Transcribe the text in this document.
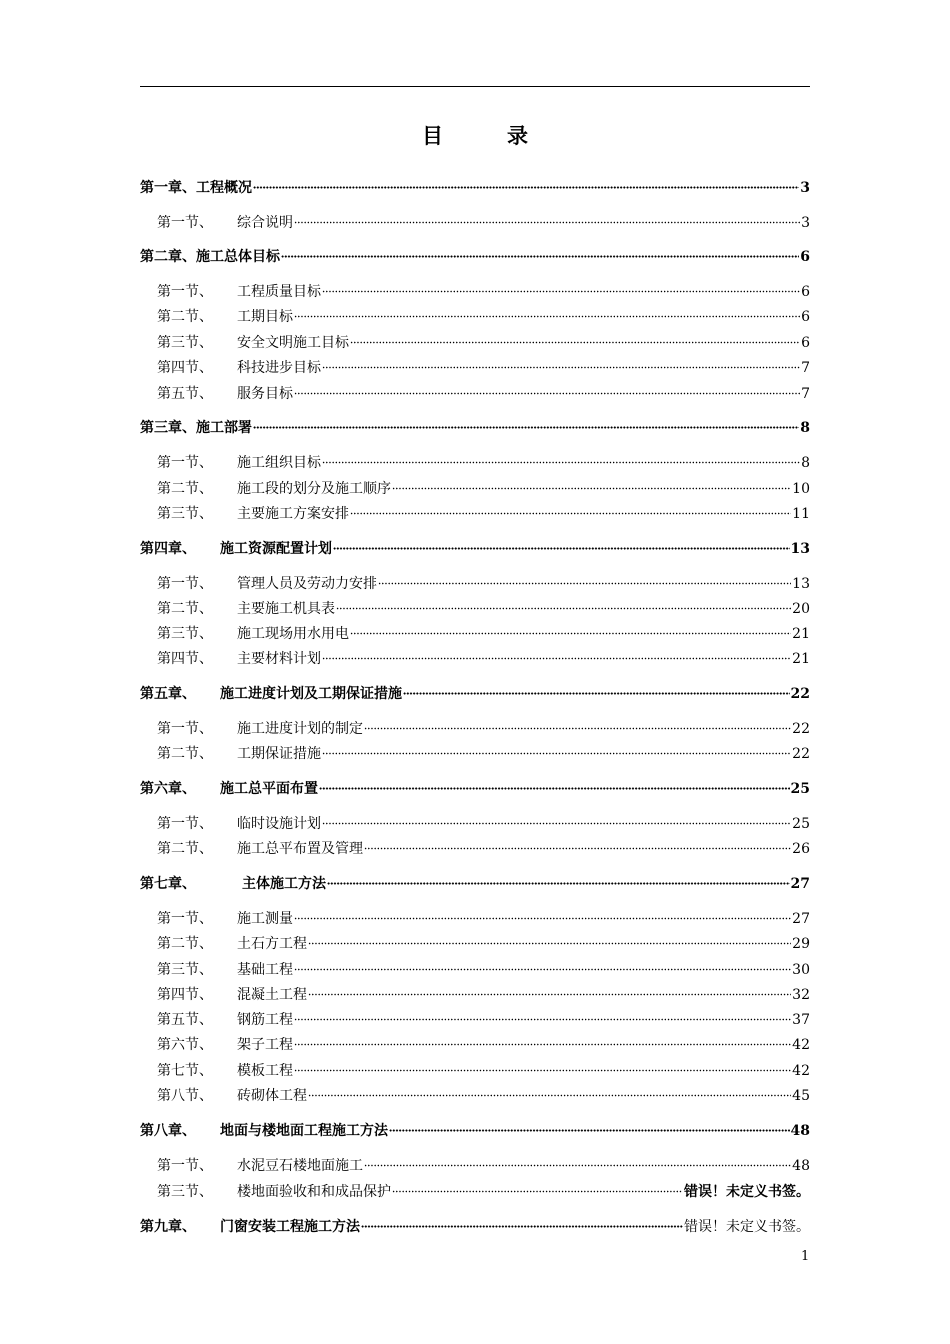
目	录
第一章、 工程概况	3
第一节、 综合说明	3
第二章、 施工总体目标	6
第一节、 工程质量目标	6
第二节、 工期目标	6
第三节、 安全文明施工目标	6
第四节、 科技进步目标	7
第五节、 服务目标	7
第三章、 施工部署	8
第一节、 施工组织目标	8
第二节、 施工段的划分及施工顺序	10
第三节、 主要施工方案安排	11
第四章、 施工资源配置计划	13
第一节、 管理人员及劳动力安排	13
第二节、 主要施工机具表	20
第三节、 施工现场用水用电	21
第四节、 主要材料计划	21
第五章、 施工进度计划及工期保证措施	22
第一节、 施工进度计划的制定	22
第二节、 工期保证措施	22
第六章、 施工总平面布置	25
第一节、 临时设施计划	25
第二节、 施工总平布置及管理	26
第七章、	主体施工方法	27
第一节、 施工测量	27
第二节、 土石方工程	29
第三节、 基础工程	30
第四节、 混凝土工程	32
第五节、 钢筋工程	37
第六节、 架子工程	42
第七节、 模板工程	42
第八节、 砖砌体工程	45
第八章、 地面与楼地面工程施工方法	48
第一节、 水泥豆石楼地面施工	48
第三节、 楼地面验收和和成品保护	错误！未定义书签。
第九章、 门窗安装工程施工方法	错误！未定义书签。
1
